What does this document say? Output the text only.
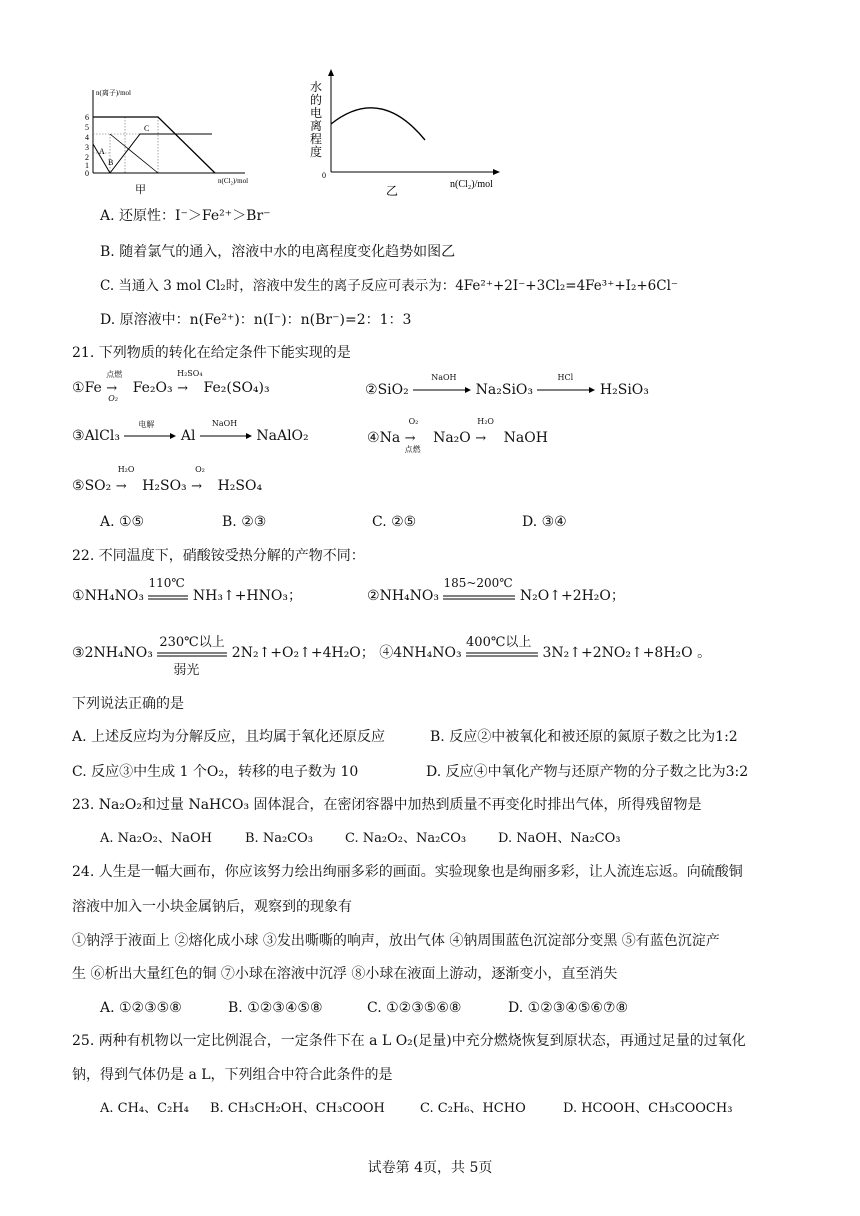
n(离子)/mol
6
5
4
3
2
1
0
A
B
C
n(Cl₂)/mol
甲
水
的
电
离
程
度
0
n(Cl₂)/mol
乙
A. 还原性：I⁻＞Fe²⁺＞Br⁻
B. 随着氯气的通入，溶液中水的电离程度变化趋势如图乙
C. 当通入 3 mol Cl₂时，溶液中发生的离子反应可表示为：4Fe²⁺+2I⁻+3Cl₂=4Fe³⁺+I₂+6Cl⁻
D. 原溶液中：n(Fe²⁺)：n(I⁻)：n(Br⁻)=2：1：3
21. 下列物质的转化在给定条件下能实现的是
①Fe
点燃
→
O₂
Fe₂O₃
H₂SO₄
→ Fe₂(SO₄)₃	②SiO₂
NaOH
Na₂SiO₃
HCl
H₂SiO₃
③AlCl₃
电解
Al
NaOH
NaAlO₂	④Na
O₂
→
点燃
Na₂O
H₂O
→ NaOH
⑤SO₂
H₂O
→ H₂SO₃
O₂
→ H₂SO₄
A. ①⑤	B. ②③	C. ②⑤	D. ③④
22. 不同温度下，硝酸铵受热分解的产物不同：
①NH₄NO₃
110℃
NH₃↑+HNO₃；	②NH₄NO₃
185~200℃
N₂O↑+2H₂O；
③2NH₄NO₃
230℃以上
弱光
2N₂↑+O₂↑+4H₂O； ④4NH₄NO₃
400℃以上
3N₂↑+2NO₂↑+8H₂O 。
下列说法正确的是
A. 上述反应均为分解反应，且均属于氧化还原反应	B. 反应②中被氧化和被还原的氮原子数之比为1:2
C. 反应③中生成 1 个O₂，转移的电子数为 10	D. 反应④中氧化产物与还原产物的分子数之比为3:2
23. Na₂O₂和过量 NaHCO₃ 固体混合，在密闭容器中加热到质量不再变化时排出气体，所得残留物是
A. Na₂O₂、NaOH	B. Na₂CO₃ C. Na₂O₂、Na₂CO₃ D. NaOH、Na₂CO₃
24. 人生是一幅大画布，你应该努力绘出绚丽多彩的画面。实验现象也是绚丽多彩，让人流连忘返。向硫酸铜
溶液中加入一小块金属钠后，观察到的现象有
①钠浮于液面上 ②熔化成小球 ③发出嘶嘶的响声，放出气体 ④钠周围蓝色沉淀部分变黑 ⑤有蓝色沉淀产
生 ⑥析出大量红色的铜 ⑦小球在溶液中沉浮 ⑧小球在液面上游动，逐渐变小，直至消失
A. ①②③⑤⑧	B. ①②③④⑤⑧	C. ①②③⑤⑥⑧	D. ①②③④⑤⑥⑦⑧
25. 两种有机物以一定比例混合，一定条件下在 a L O₂(足量)中充分燃烧恢复到原状态，再通过足量的过氧化
钠，得到气体仍是 a L，下列组合中符合此条件的是
A. CH₄、C₂H₄ B. CH₃CH₂OH、CH₃COOH	C. C₂H₆、HCHO	D. HCOOH、CH₃COOCH₃
试卷第 4页，共 5页
